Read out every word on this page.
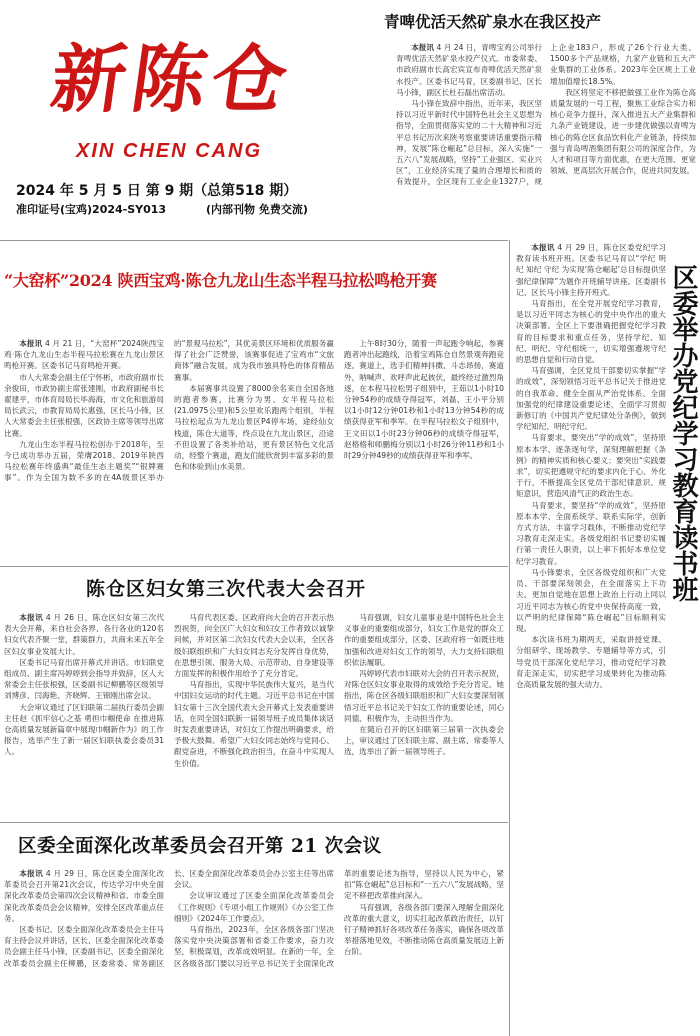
新陈仓
XIN CHEN CANG
2024 年 5 月 5 日 第 9 期（总第518 期）
准印证号(宝鸡)2024-SY013	(内部刊物 免费交流)
青啤优活天然矿泉水在我区投产

本报讯 4 月 24 日，青啤宝鸡公司举行青啤优活天然矿泉水投产仪式。市委常委、市政府副市长高宏宾宣布青啤优活天然矿泉水投产。区委书记马育，区委副书记、区长马小锋，副区长杜石磊出席活动。

马小锋在致辞中指出，近年来，我区坚持以习近平新时代中国特色社会主义思想为指导，全面贯彻落实党的二十大精神和习近平总书记历次来陕考察重要讲话重要指示精神，发展“陈仓崛起”总目标，深入实施“一五六八”发展战略，坚持“工业强区、实业兴区”，工业经济实现了量的合理增长和质的有效提升，全区现有工业企业1327户，规上企业183户，形成了26个行业大类、1500多个产品规格，九家产业链和五大产业集群的工业体系。2023年全区规上工业增加值增长18.5%。

我区将坚定不移把做强工业作为陈仓高质量发展的一号工程，聚焦工业综合实力和核心竞争力提升，深入推进五大产业集群和九条产业链建设，进一步建优做强以青啤为核心的陈仓区食品饮料化产业链条，持续加强与青岛啤酒集团有限公司的深度合作，为人才和项目等方面优惠，在更大范围、更宽领域、更高层次开展合作，促进共同发展。

“大窑杯”2024 陕西宝鸡·陈仓九龙山生态半程马拉松鸣枪开赛

本报讯 4 月 21 日，“大窑杯”2024陕西宝鸡·陈仓九龙山生态半程马拉松赛在九龙山景区鸣枪开赛。区委书记马育鸣枪开赛。

市人大常委会副主任宁怀彬，市政府副市长余俊田，市政协副主席张建刚，市政府副秘书长翟建平，市体育局局长毕海海，市文化和旅游局局长武云，市教育局局长惠强，区长马小锋，区人大常委会主任张根强，区政协主席等领导出席比赛。

九龙山生态半程马拉松创办于2018年，至今已成功举办五届，荣膺2018、2019年陕西马拉松赛年终盛典“最佳生态主题奖”“银牌赛事”。作为全国为数不多的在4A级景区举办的“景观马拉松”，其优美景区环境和优质服务赢得了社会广泛赞誉，该赛事促进了宝鸡市“文旅商体”融合发展，成为我市独具特色的体育精品赛事。

本届赛事共设置了8000余名来自全国各地的跑者参赛，比赛分为男、女半程马拉松(21.0975公里)和5公里欢乐跑两个组别，半程马拉松起点为九龙山景区P4停车场，途经仙女栈道，陈仓大道等，终点设在九龙山景区，沿途不但设置了各类补给站，更有景区特色文化活动，经整个赛道，跑友们能欣赏到丰富多彩的景色和体验到山水美景。

上午8时30分，随着一声起跑令响起，参赛跑者冲出起跑线，沿着宝鸡陈仓自然景观奔跑竞逐。赛道上，选手们精神抖擞、斗志昂扬，赛道外，呐喊声、欢呼声此起彼伏，最终经过激烈角逐，在本程马拉松男子组别中，王茹以1小时10分钟54秒的成绩夺得冠军，刘磊、王小平分别以1小时12分钟01秒和1小时13分钟54秒的成绩获得亚军和季军。在半程马拉松女子组别中，王文田以1小时23分钟06秒的成绩夺得冠军，赵格格和师鹏梅分别以1小时26分钟11秒和1小时29分钟49秒的成绩获得亚军和季军。

陈仓区妇女第三次代表大会召开

本报讯 4 月 26 日，陈仓区妇女第三次代表大会开幕，来自社会各界、各行各业的120名妇女代表齐聚一堂，群策群力，共商未来五年全区妇女事业发展大计。

区委书记马育出席开幕式并讲话。市妇联党组成员、副主席冯婷婷到会指导并致辞，区人大常委会主任张根强，区委副书记柳鹏等区级领导刘博彦、闫海艳、齐晓辉、王锦刚出席会议。

大会审议通过了区妇联第二届执行委员会副主任赵《抓牢信心之基 勇担巾帼使命 在推进陈仓高质量发展新篇章中展现巾帼新作为》的工作报告，选举产生了新一届区妇联执委会委员31人。

马育代表区委、区政府向大会的召开表示热烈祝贺，向全区广大妇女和妇女工作者致以诚挚问候，并对区第二次妇女代表大会以来，全区各级妇联组织和广大妇女同志充分发挥自身优势，在思想引领、服务大局、示范带动、自身建设等方面发挥的积极作用给予了充分肯定。

马育指出，实现中华民族伟大复兴，是当代中国妇女运动的时代主题。习近平总书记在中国妇女第十三次全国代表大会开幕式上发表重要讲话，在同全国妇联新一届领导班子成员集体谈话时发表重要讲话，对妇女工作提出明确要求，给予极大鼓舞。希望广大妇女同志始终与党同心、跟党奋进，不断强化政治担当，在奋斗中实现人生价值。

马育强调，妇女儿童事业是中国特色社会主义事业的重要组成部分，妇女工作是党的群众工作的重要组成部分，区委、区政府将一如既往地加强和改进对妇女工作的领导，大力支持妇联组织依法履职。

冯婷婷代表市妇联对大会的召开表示祝贺，对陈仓区妇女事业取得的成效给予充分肯定。她指出，陈仓区各级妇联组织和广大妇女要深刻领悟习近平总书记关于妇女工作的重要论述，同心同德、积极作为，主动担当作为。

在随后召开的区妇联第三届第一次执委会上，审议通过了区妇联主席、副主席、常委等人选，选举出了新一届领导班子。

区委全面深化改革委员会召开第 21 次会议

本报讯 4 月 29 日，陈仓区委全面深化改革委员会召开第21次会议，传达学习中央全面深化改革委员会第四次会议精神和省、市委全面深化改革委员会会议精神，安排全区改革重点任务。

区委书记、区委全面深化改革委员会主任马育主持会议并讲话，区长、区委全面深化改革委员会副主任马小锋，区委副书记、区委全面深化改革委员会副主任柳鹏，区委常委、常务副区长、区委全面深化改革委员会办公室主任等出席会议。

会议审议通过了区委全面深化改革委员会《工作规则》《专项小组工作规则》《办公室工作细则》《2024年工作要点》。

马育指出，2023年，全区各级各部门坚决落实党中央决策部署和省委工作要求，奋力攻坚，积极谋划，改革成效明显。在新的一年，全区各级各部门要以习近平总书记关于全面深化改革的重要论述为指导，坚持以人民为中心，紧扣“陈仓崛起”总目标和“一五六八”发展战略，坚定不移把改革推向深入。

马育强调，各级各部门要深入理解全面深化改革的重大意义，切实扛起改革政治责任，以钉钉子精神抓好各项改革任务落实，确保各项改革举措落地见效，不断推动陈仓高质量发展迈上新台阶。

区委举办党纪学习教育读书班

本报讯 4 月 29 日，陈仓区委党纪学习教育读书班开班。区委书记马育以“学纪 明纪 知纪 守纪 为实现‘陈仓崛起’总目标提供坚强纪律保障”为题作开班辅导讲座。区委副书记、区长马小锋主持开班式。

马育指出，在全党开展党纪学习教育，是以习近平同志为核心的党中央作出的重大决策部署。全区上下要准确把握党纪学习教育的目标要求和重点任务，坚持学纪、知纪、明纪、守纪相统一，切实增强遵规守纪的思想自觉和行动自觉。

马育强调，全区党员干部要切实掌握“学的成效”，深刻领悟习近平总书记关于推进党的自我革命、健全全面从严治党体系、全面加强党的纪律建设重要论述，全面学习贯彻新修订的《中国共产党纪律处分条例》，做到学纪知纪、明纪守纪。

马育要求，要突出“学的成效”，坚持原原本本学、逐条逐句学，深刻理解把握《条例》的精神实质和核心要义；要突出“实践要求”，切实把遵规守纪的要求内化于心、外化于行，不断提高全区党员干部纪律意识、规矩意识，营造风清气正的政治生态。

马育要求，要坚持“学的成效”，坚持原原本本学、全面系统学、联系实际学，创新方式方法，丰富学习载体，不断推动党纪学习教育走深走实。各级党组织书记要切实履行第一责任人职责，以上率下抓好本单位党纪学习教育。

马小锋要求，全区各级党组织和广大党员、干部要深刻领会，在全面落实上下功夫，更加自觉地在思想上政治上行动上同以习近平同志为核心的党中央保持高度一致，以严明的纪律保障“陈仓崛起”目标顺利实现。

本次读书班为期两天，采取讲授党课、分组研学、现场教学、专题辅导等方式，引导党员干部深化党纪学习，推动党纪学习教育走深走实，切实把学习成果转化为推动陈仓高质量发展的强大动力。
